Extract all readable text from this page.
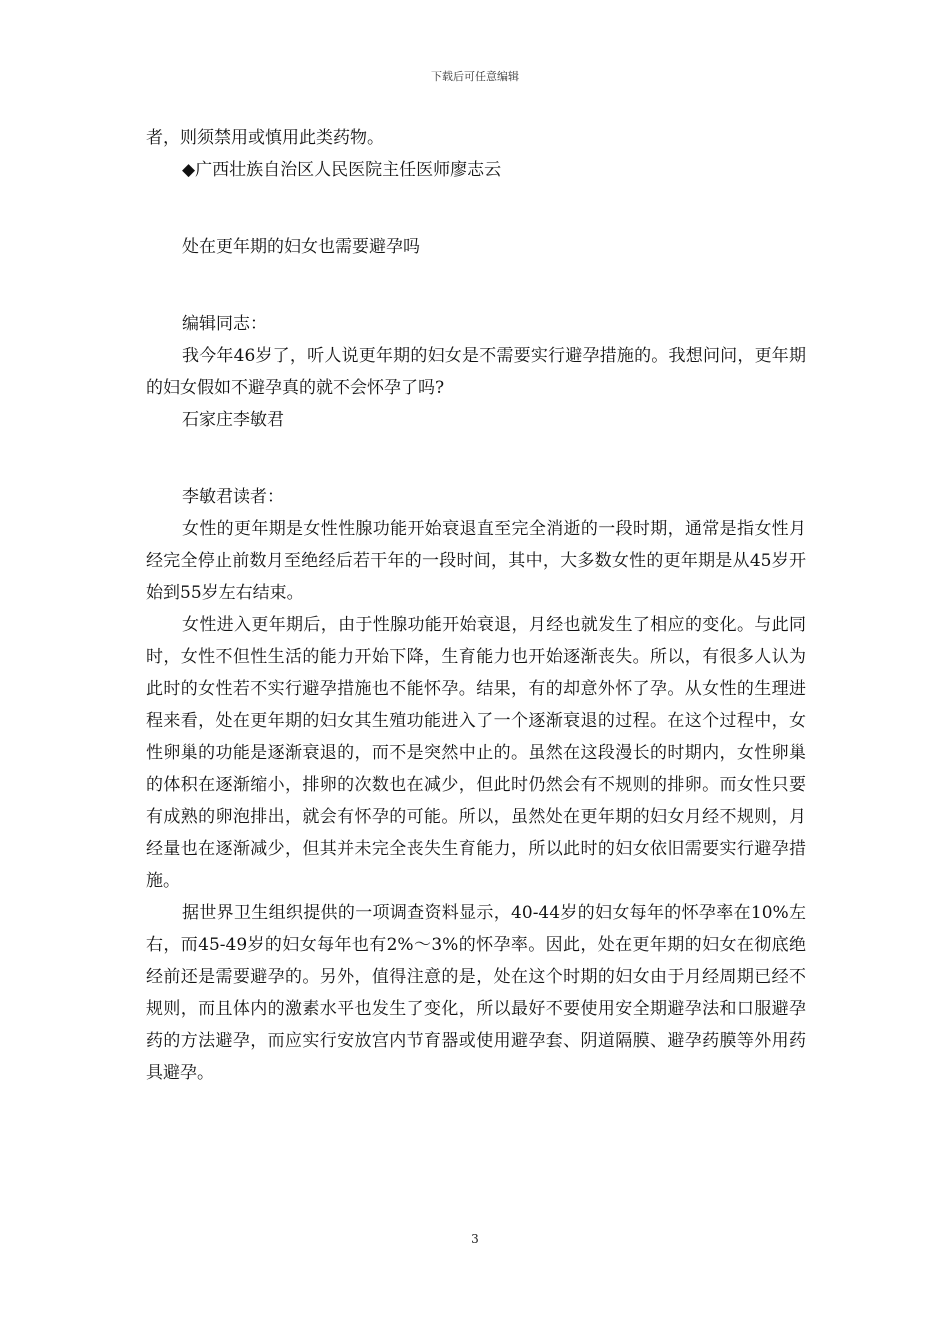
下载后可任意编辑

者，则须禁用或慎用此类药物。

◆广西壮族自治区人民医院主任医师廖志云

处在更年期的妇女也需要避孕吗

编辑同志：

我今年46岁了，听人说更年期的妇女是不需要实行避孕措施的。我想问问，更年期的妇女假如不避孕真的就不会怀孕了吗?

石家庄李敏君

李敏君读者：

女性的更年期是女性性腺功能开始衰退直至完全消逝的一段时期，通常是指女性月经完全停止前数月至绝经后若干年的一段时间，其中，大多数女性的更年期是从45岁开始到55岁左右结束。

女性进入更年期后，由于性腺功能开始衰退，月经也就发生了相应的变化。与此同时，女性不但性生活的能力开始下降，生育能力也开始逐渐丧失。所以，有很多人认为此时的女性若不实行避孕措施也不能怀孕。结果，有的却意外怀了孕。从女性的生理进程来看，处在更年期的妇女其生殖功能进入了一个逐渐衰退的过程。在这个过程中，女性卵巢的功能是逐渐衰退的，而不是突然中止的。虽然在这段漫长的时期内，女性卵巢的体积在逐渐缩小，排卵的次数也在减少，但此时仍然会有不规则的排卵。而女性只要有成熟的卵泡排出，就会有怀孕的可能。所以，虽然处在更年期的妇女月经不规则，月经量也在逐渐减少，但其并未完全丧失生育能力，所以此时的妇女依旧需要实行避孕措施。

据世界卫生组织提供的一项调查资料显示，40-44岁的妇女每年的怀孕率在10%左右，而45-49岁的妇女每年也有2%～3%的怀孕率。因此，处在更年期的妇女在彻底绝经前还是需要避孕的。另外，值得注意的是，处在这个时期的妇女由于月经周期已经不规则，而且体内的激素水平也发生了变化，所以最好不要使用安全期避孕法和口服避孕药的方法避孕，而应实行安放宫内节育器或使用避孕套、阴道隔膜、避孕药膜等外用药具避孕。

3
